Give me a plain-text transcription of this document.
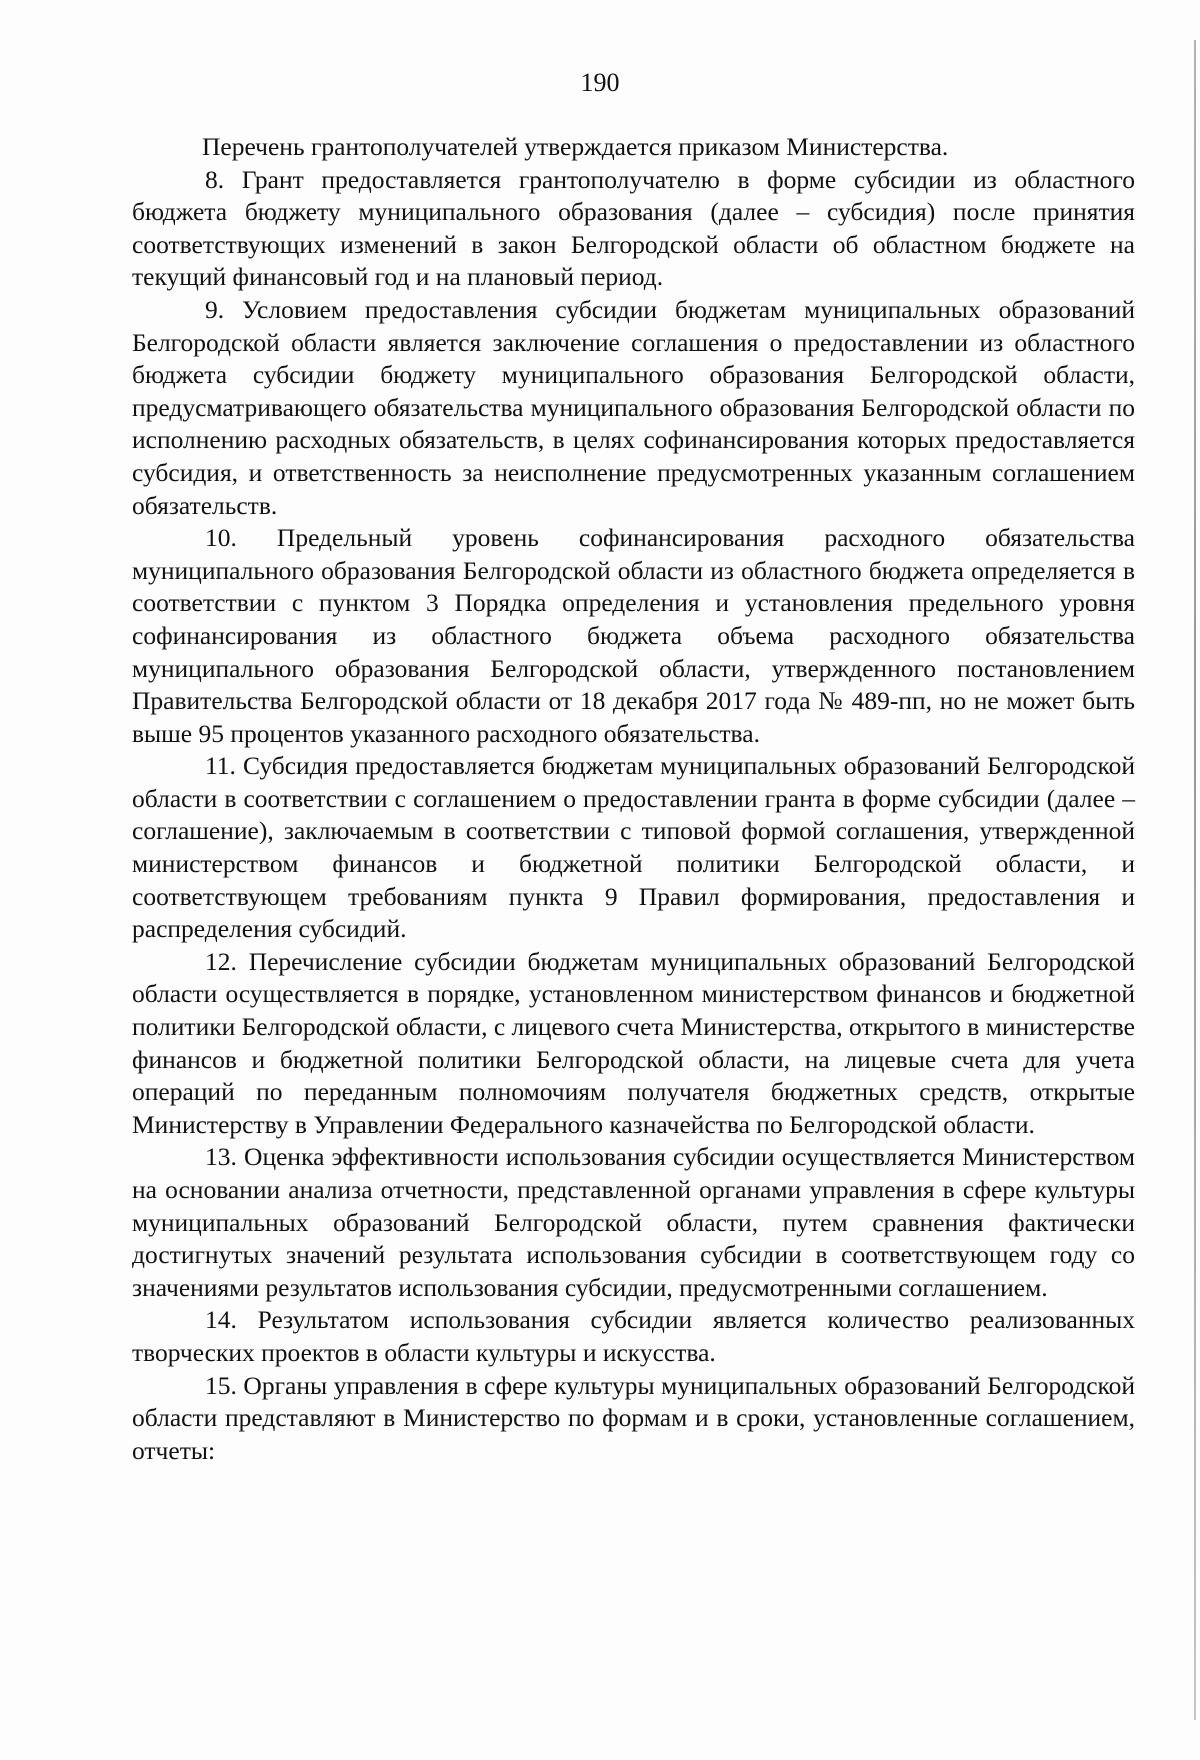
190

Перечень грантополучателей утверждается приказом Министерства.

8. Грант предоставляется грантополучателю в форме субсидии из областного бюджета бюджету муниципального образования (далее – субсидия) после принятия соответствующих изменений в закон Белгородской области об областном бюджете на текущий финансовый год и на плановый период.

9. Условием предоставления субсидии бюджетам муниципальных образований Белгородской области является заключение соглашения о предоставлении из областного бюджета субсидии бюджету муниципального образования Белгородской области, предусматривающего обязательства муниципального образования Белгородской области по исполнению расходных обязательств, в целях софинансирования которых предоставляется субсидия, и ответственность за неисполнение предусмотренных указанным соглашением обязательств.

10. Предельный уровень софинансирования расходного обязательства муниципального образования Белгородской области из областного бюджета определяется в соответствии с пунктом 3 Порядка определения и установления предельного уровня софинансирования из областного бюджета объема расходного обязательства муниципального образования Белгородской области, утвержденного постановлением Правительства Белгородской области от 18 декабря 2017 года № 489-пп, но не может быть выше 95 процентов указанного расходного обязательства.

11. Субсидия предоставляется бюджетам муниципальных образований Белгородской области в соответствии с соглашением о предоставлении гранта в форме субсидии (далее – соглашение), заключаемым в соответствии с типовой формой соглашения, утвержденной министерством финансов и бюджетной политики Белгородской области, и соответствующем требованиям пункта 9 Правил формирования, предоставления и распределения субсидий.

12. Перечисление субсидии бюджетам муниципальных образований Белгородской области осуществляется в порядке, установленном министерством финансов и бюджетной политики Белгородской области, с лицевого счета Министерства, открытого в министерстве финансов и бюджетной политики Белгородской области, на лицевые счета для учета операций по переданным полномочиям получателя бюджетных средств, открытые Министерству в Управлении Федерального казначейства по Белгородской области.

13. Оценка эффективности использования субсидии осуществляется Министерством на основании анализа отчетности, представленной органами управления в сфере культуры муниципальных образований Белгородской области, путем сравнения фактически достигнутых значений результата использования субсидии в соответствующем году со значениями результатов использования субсидии, предусмотренными соглашением.

14. Результатом использования субсидии является количество реализованных творческих проектов в области культуры и искусства.

15. Органы управления в сфере культуры муниципальных образований Белгородской области представляют в Министерство по формам и в сроки, установленные соглашением, отчеты:
